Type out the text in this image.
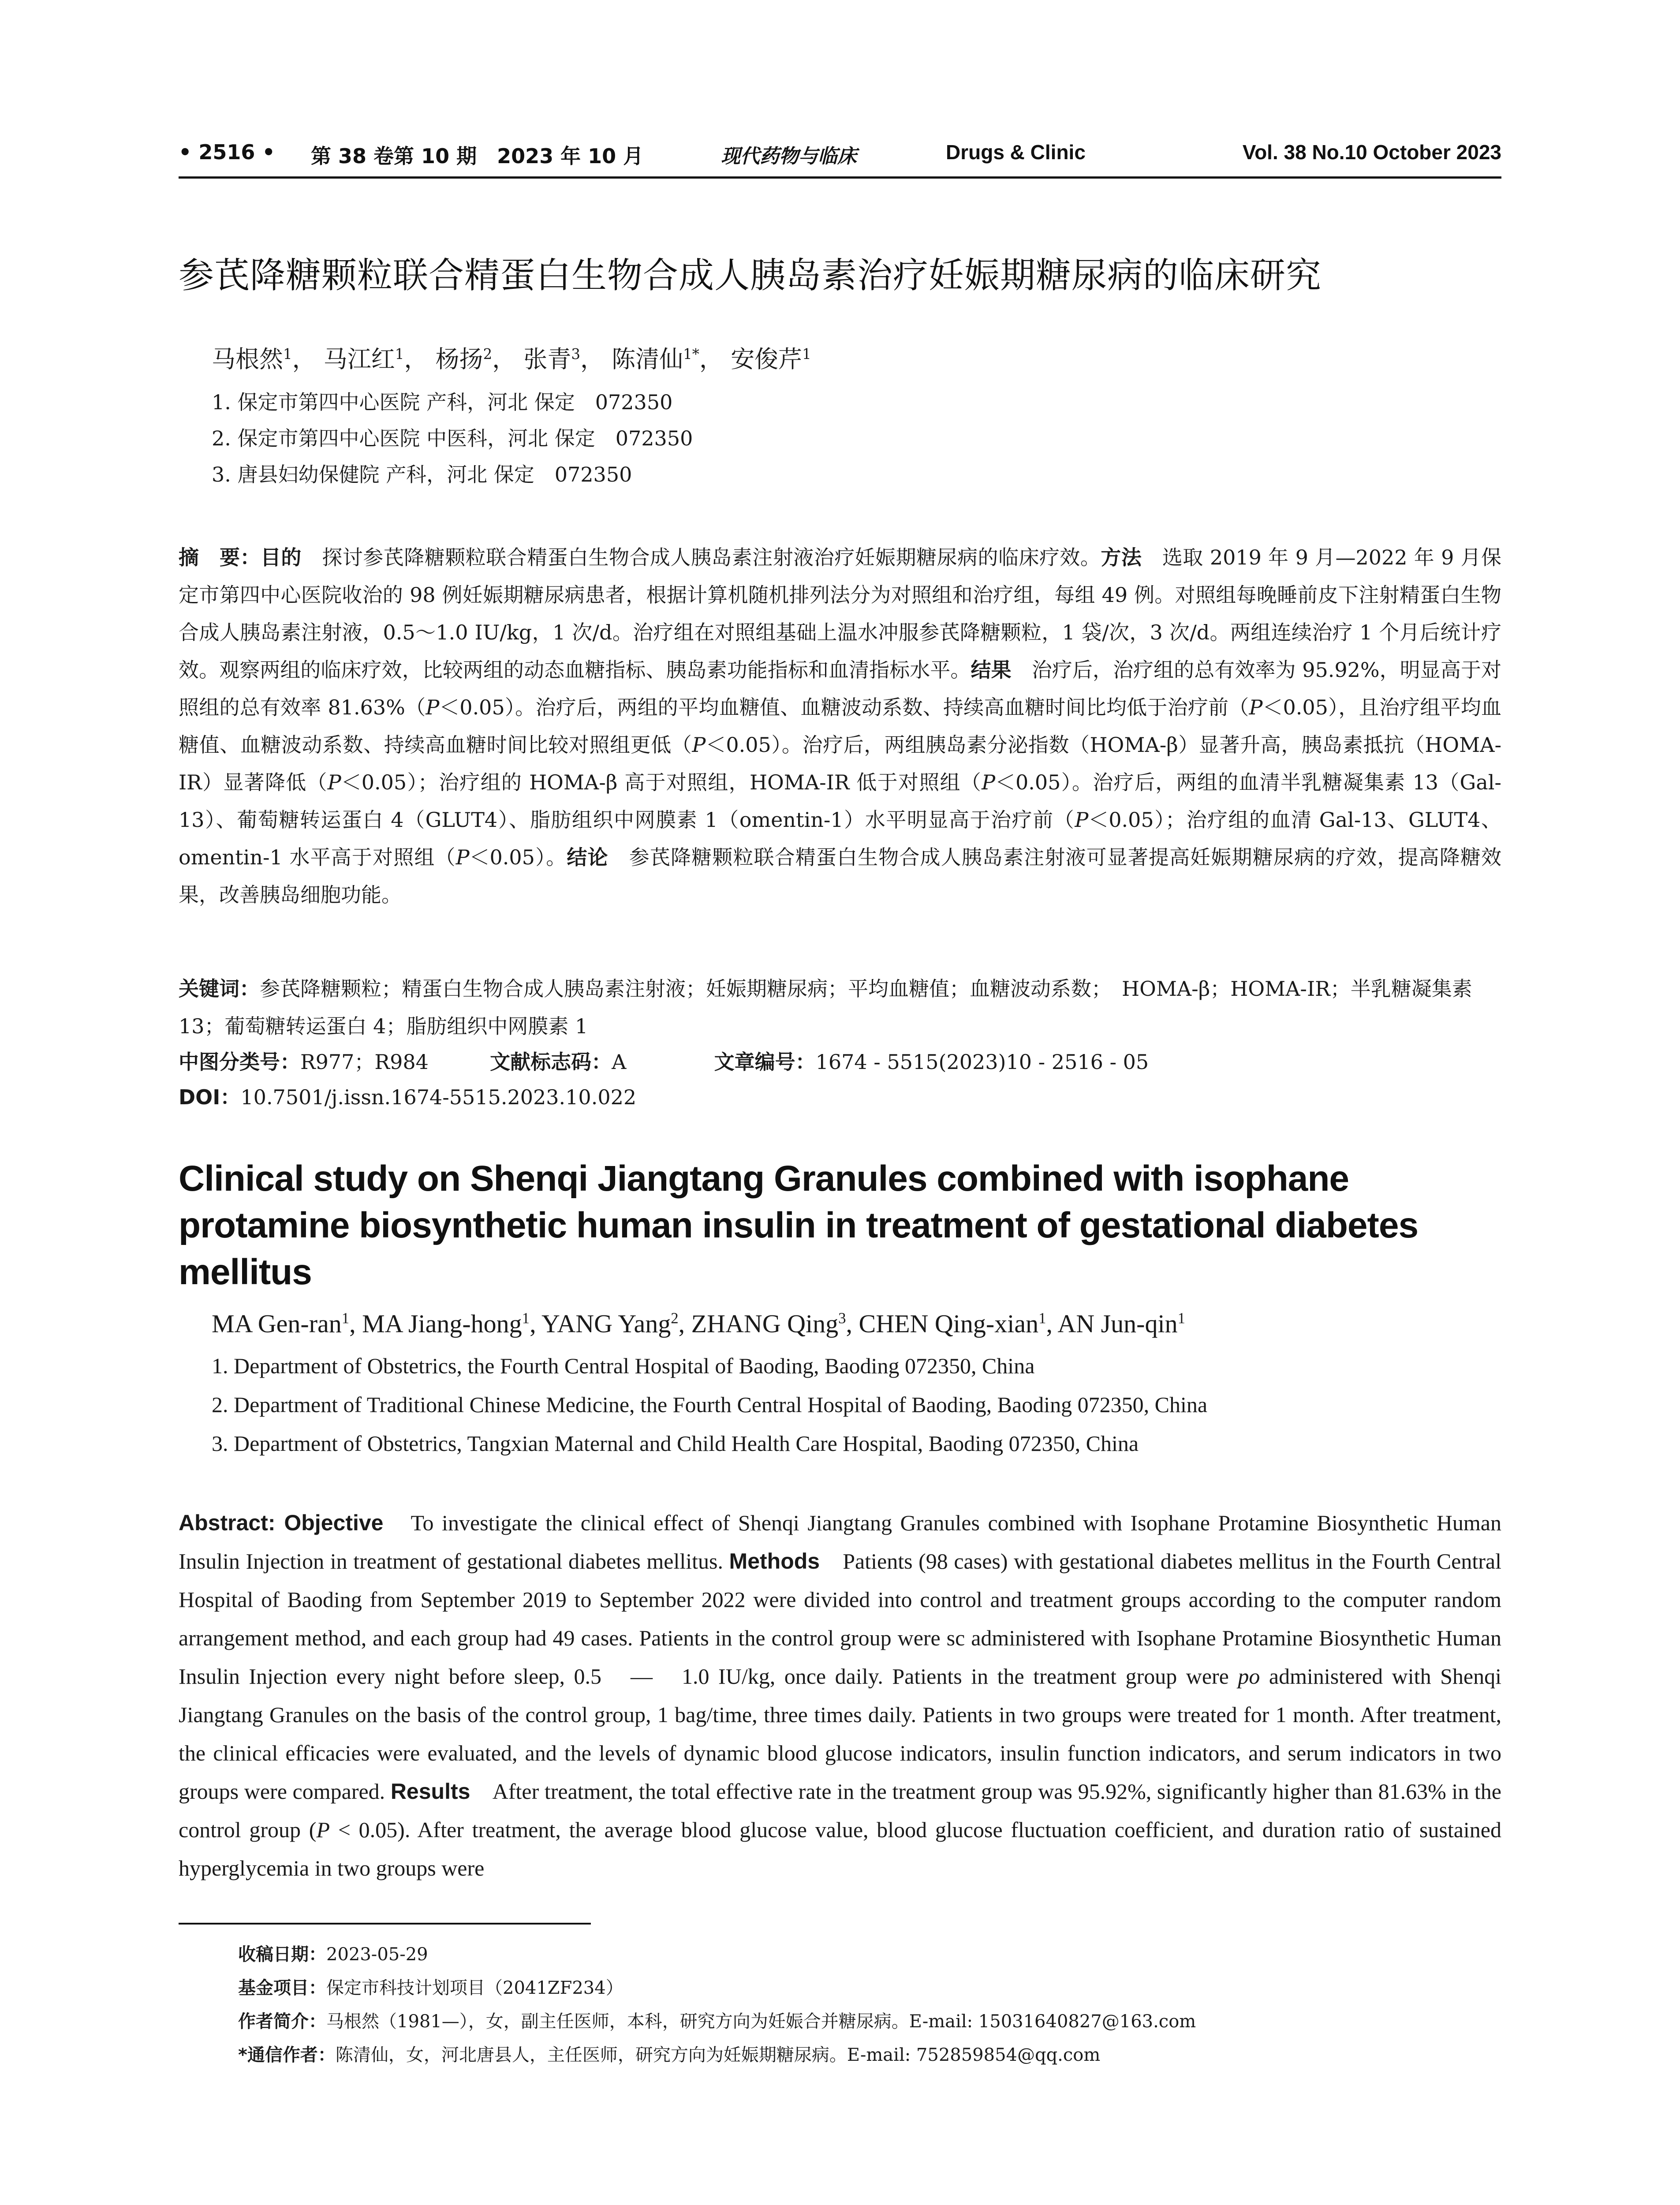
• 2516 • 第 38 卷第 10 期　2023 年 10 月	现代药物与临床	Drugs & Clinic	Vol. 38 No.10 October 2023
参芪降糖颗粒联合精蛋白生物合成人胰岛素治疗妊娠期糖尿病的临床研究
马根然$^1$， 马江红$^1$， 杨扬$^2$， 张青$^3$， 陈清仙$^{1*}$， 安俊芹$^1$
1. 保定市第四中心医院 产科，河北 保定　072350
2. 保定市第四中心医院 中医科，河北 保定　072350
3. 唐县妇幼保健院 产科，河北 保定　072350
摘　要：目的　探讨参芪降糖颗粒联合精蛋白生物合成人胰岛素注射液治疗妊娠期糖尿病的临床疗效。方法　选取 2019 年 9 月—2022 年 9 月保定市第四中心医院收治的 98 例妊娠期糖尿病患者，根据计算机随机排列法分为对照组和治疗组，每组 49 例。对照组每晚睡前皮下注射精蛋白生物合成人胰岛素注射液，0.5～1.0 IU/kg，1 次/d。治疗组在对照组基础上温水冲服参芪降糖颗粒，1 袋/次，3 次/d。两组连续治疗 1 个月后统计疗效。观察两组的临床疗效，比较两组的动态血糖指标、胰岛素功能指标和血清指标水平。结果　治疗后，治疗组的总有效率为 95.92%，明显高于对照组的总有效率 81.63%（P＜0.05）。治疗后，两组的平均血糖值、血糖波动系数、持续高血糖时间比均低于治疗前（P＜0.05），且治疗组平均血糖值、血糖波动系数、持续高血糖时间比较对照组更低（P＜0.05）。治疗后，两组胰岛素分泌指数（HOMA-β）显著升高，胰岛素抵抗（HOMA-IR）显著降低（P＜0.05）；治疗组的 HOMA-β 高于对照组，HOMA-IR 低于对照组（P＜0.05）。治疗后，两组的血清半乳糖凝集素 13（Gal-13）、葡萄糖转运蛋白 4（GLUT4）、脂肪组织中网膜素 1（omentin-1）水平明显高于治疗前（P＜0.05）；治疗组的血清 Gal-13、GLUT4、omentin-1 水平高于对照组（P＜0.05）。结论　参芪降糖颗粒联合精蛋白生物合成人胰岛素注射液可显著提高妊娠期糖尿病的疗效，提高降糖效果，改善胰岛细胞功能。
关键词：参芪降糖颗粒；精蛋白生物合成人胰岛素注射液；妊娠期糖尿病；平均血糖值；血糖波动系数；　HOMA-β；HOMA-IR；半乳糖凝集素 13；葡萄糖转运蛋白 4；脂肪组织中网膜素 1
中图分类号：R977；R984	文献标志码：A	文章编号：1674 - 5515(2023)10 - 2516 - 05
DOI：10.7501/j.issn.1674-5515.2023.10.022
Clinical study on Shenqi Jiangtang Granules combined with isophane protamine biosynthetic human insulin in treatment of gestational diabetes mellitus
MA Gen-ran$^1$, MA Jiang-hong$^1$, YANG Yang$^2$, ZHANG Qing$^3$, CHEN Qing-xian$^1$, AN Jun-qin$^1$
1. Department of Obstetrics, the Fourth Central Hospital of Baoding, Baoding 072350, China
2. Department of Traditional Chinese Medicine, the Fourth Central Hospital of Baoding, Baoding 072350, China
3. Department of Obstetrics, Tangxian Maternal and Child Health Care Hospital, Baoding 072350, China
Abstract: Objective　To investigate the clinical effect of Shenqi Jiangtang Granules combined with Isophane Protamine Biosynthetic Human Insulin Injection in treatment of gestational diabetes mellitus. Methods　Patients (98 cases) with gestational diabetes mellitus in the Fourth Central Hospital of Baoding from September 2019 to September 2022 were divided into control and treatment groups according to the computer random arrangement method, and each group had 49 cases. Patients in the control group were sc administered with Isophane Protamine Biosynthetic Human Insulin Injection every night before sleep, 0.5　—　1.0 IU/kg, once daily. Patients in the treatment group were po administered with Shenqi Jiangtang Granules on the basis of the control group, 1 bag/time, three times daily. Patients in two groups were treated for 1 month. After treatment, the clinical efficacies were evaluated, and the levels of dynamic blood glucose indicators, insulin function indicators, and serum indicators in two groups were compared. Results　After treatment, the total effective rate in the treatment group was 95.92%, significantly higher than 81.63% in the control group (P < 0.05). After treatment, the average blood glucose value, blood glucose fluctuation coefficient, and duration ratio of sustained hyperglycemia in two groups were
收稿日期：2023-05-29
基金项目：保定市科技计划项目（2041ZF234）
作者简介：马根然（1981—），女，副主任医师，本科，研究方向为妊娠合并糖尿病。E-mail: 15031640827@163.com
*通信作者：陈清仙，女，河北唐县人，主任医师，研究方向为妊娠期糖尿病。E-mail: 752859854@qq.com
